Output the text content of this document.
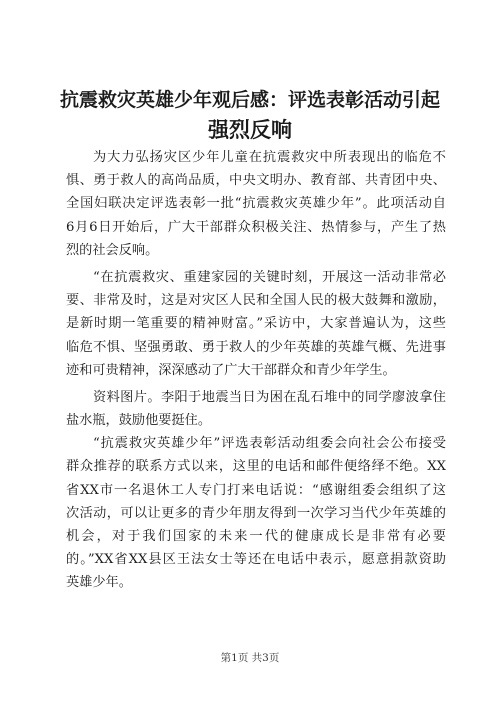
抗震救灾英雄少年观后感：评选表彰活动引起
强烈反响
为大力弘扬灾区少年儿童在抗震救灾中所表现出的临危不
惧、勇于救人的高尚品质，中央文明办、教育部、共青团中央、
全国妇联决定评选表彰一批“抗震救灾英雄少年”。此项活动自
6月6日开始后，广大干部群众积极关注、热情参与，产生了热
烈的社会反响。
“在抗震救灾、重建家园的关键时刻，开展这一活动非常必
要、非常及时，这是对灾区人民和全国人民的极大鼓舞和激励，
是新时期一笔重要的精神财富。”采访中，大家普遍认为，这些
临危不惧、坚强勇敢、勇于救人的少年英雄的英雄气概、先进事
迹和可贵精神，深深感动了广大干部群众和青少年学生。
资料图片。李阳于地震当日为困在乱石堆中的同学廖波拿住
盐水瓶，鼓励他要挺住。
“抗震救灾英雄少年”评选表彰活动组委会向社会公布接受
群众推荐的联系方式以来，这里的电话和邮件便络绎不绝。XX
省XX市一名退休工人专门打来电话说：“感谢组委会组织了这
次活动，可以让更多的青少年朋友得到一次学习当代少年英雄的
机会，对于我们国家的未来一代的健康成长是非常有必要
的。”XX省XX县区王法女士等还在电话中表示，愿意捐款资助
英雄少年。
第1页 共3页
